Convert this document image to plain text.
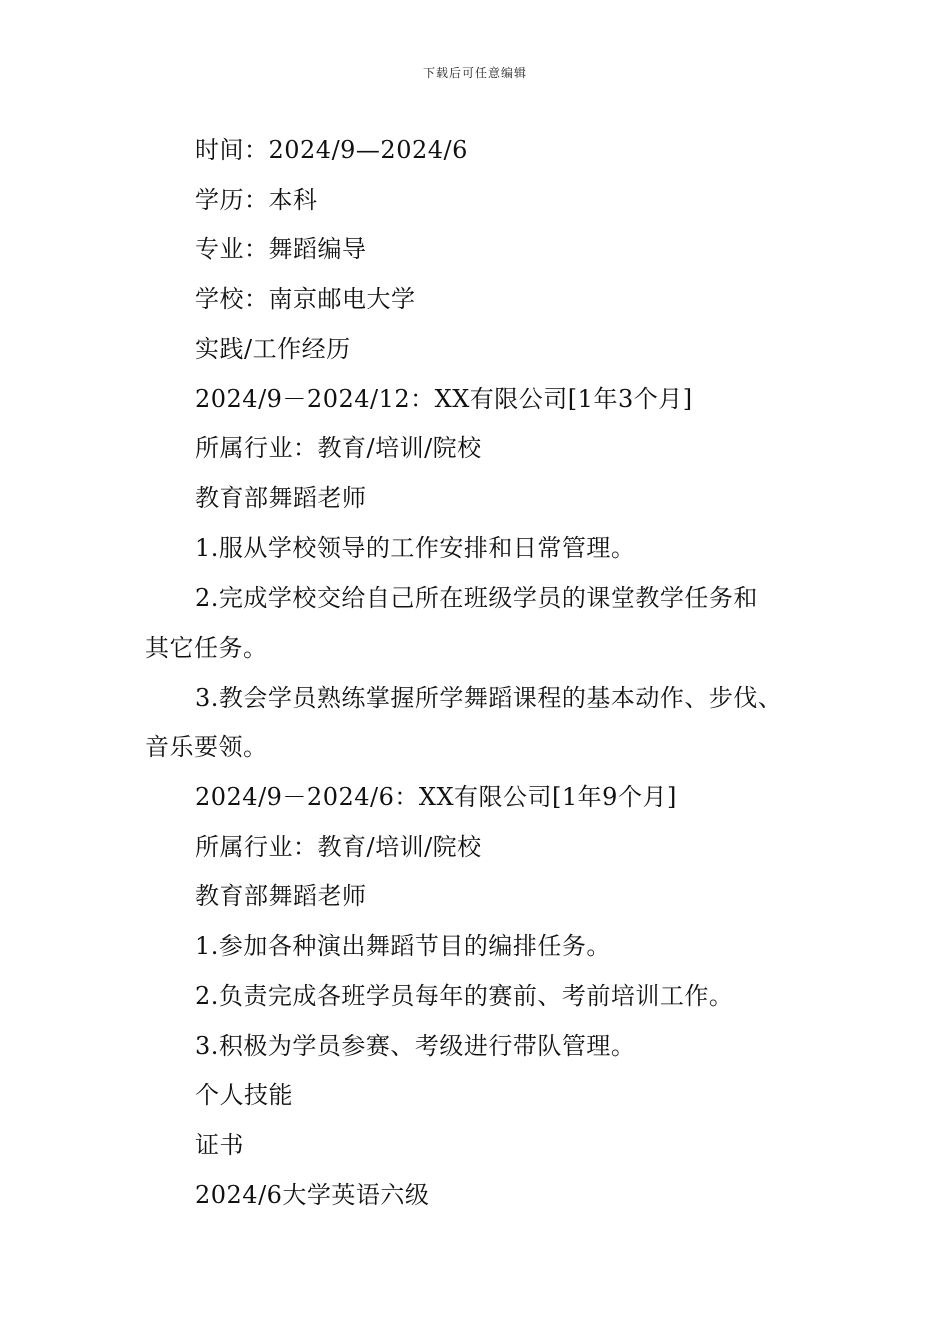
下载后可任意编辑
时间：2024/9—2024/6
学历：本科
专业：舞蹈编导
学校：南京邮电大学
实践/工作经历
2024/9－2024/12：XX有限公司[1年3个月]
所属行业：教育/培训/院校
教育部舞蹈老师
1.服从学校领导的工作安排和日常管理。
2.完成学校交给自己所在班级学员的课堂教学任务和
其它任务。
3.教会学员熟练掌握所学舞蹈课程的基本动作、步伐、
音乐要领。
2024/9－2024/6：XX有限公司[1年9个月]
所属行业：教育/培训/院校
教育部舞蹈老师
1.参加各种演出舞蹈节目的编排任务。
2.负责完成各班学员每年的赛前、考前培训工作。
3.积极为学员参赛、考级进行带队管理。
个人技能
证书
2024/6大学英语六级
